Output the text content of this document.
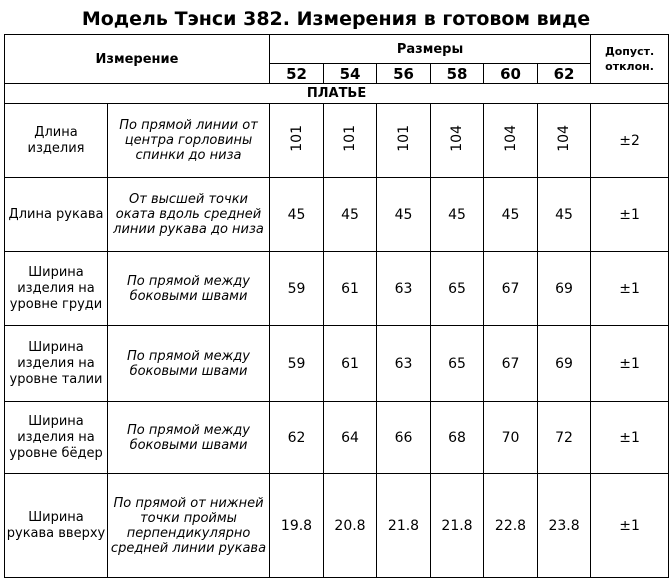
Модель Тэнси 382. Измерения в готовом виде
Измерение		Размеры						Допуст. отклон.
		52	54	56	58	60	62	
ПЛАТЬЕ								
Длина изделия	По прямой линии от центра горловины спинки до низа	101	101	101	104	104	104	±2
Длина рукава	От высшей точки оката вдоль средней линии рукава до низа	45	45	45	45	45	45	±1
Ширина изделия на уровне груди	По прямой между боковыми швами	59	61	63	65	67	69	±1
Ширина изделия на уровне талии	По прямой между боковыми швами	59	61	63	65	67	69	±1
Ширина изделия на уровне бёдер	По прямой между боковыми швами	62	64	66	68	70	72	±1
Ширина рукава вверху	По прямой от нижней точки проймы перпендикулярно средней линии рукава	19.8	20.8	21.8	21.8	22.8	23.8	±1
